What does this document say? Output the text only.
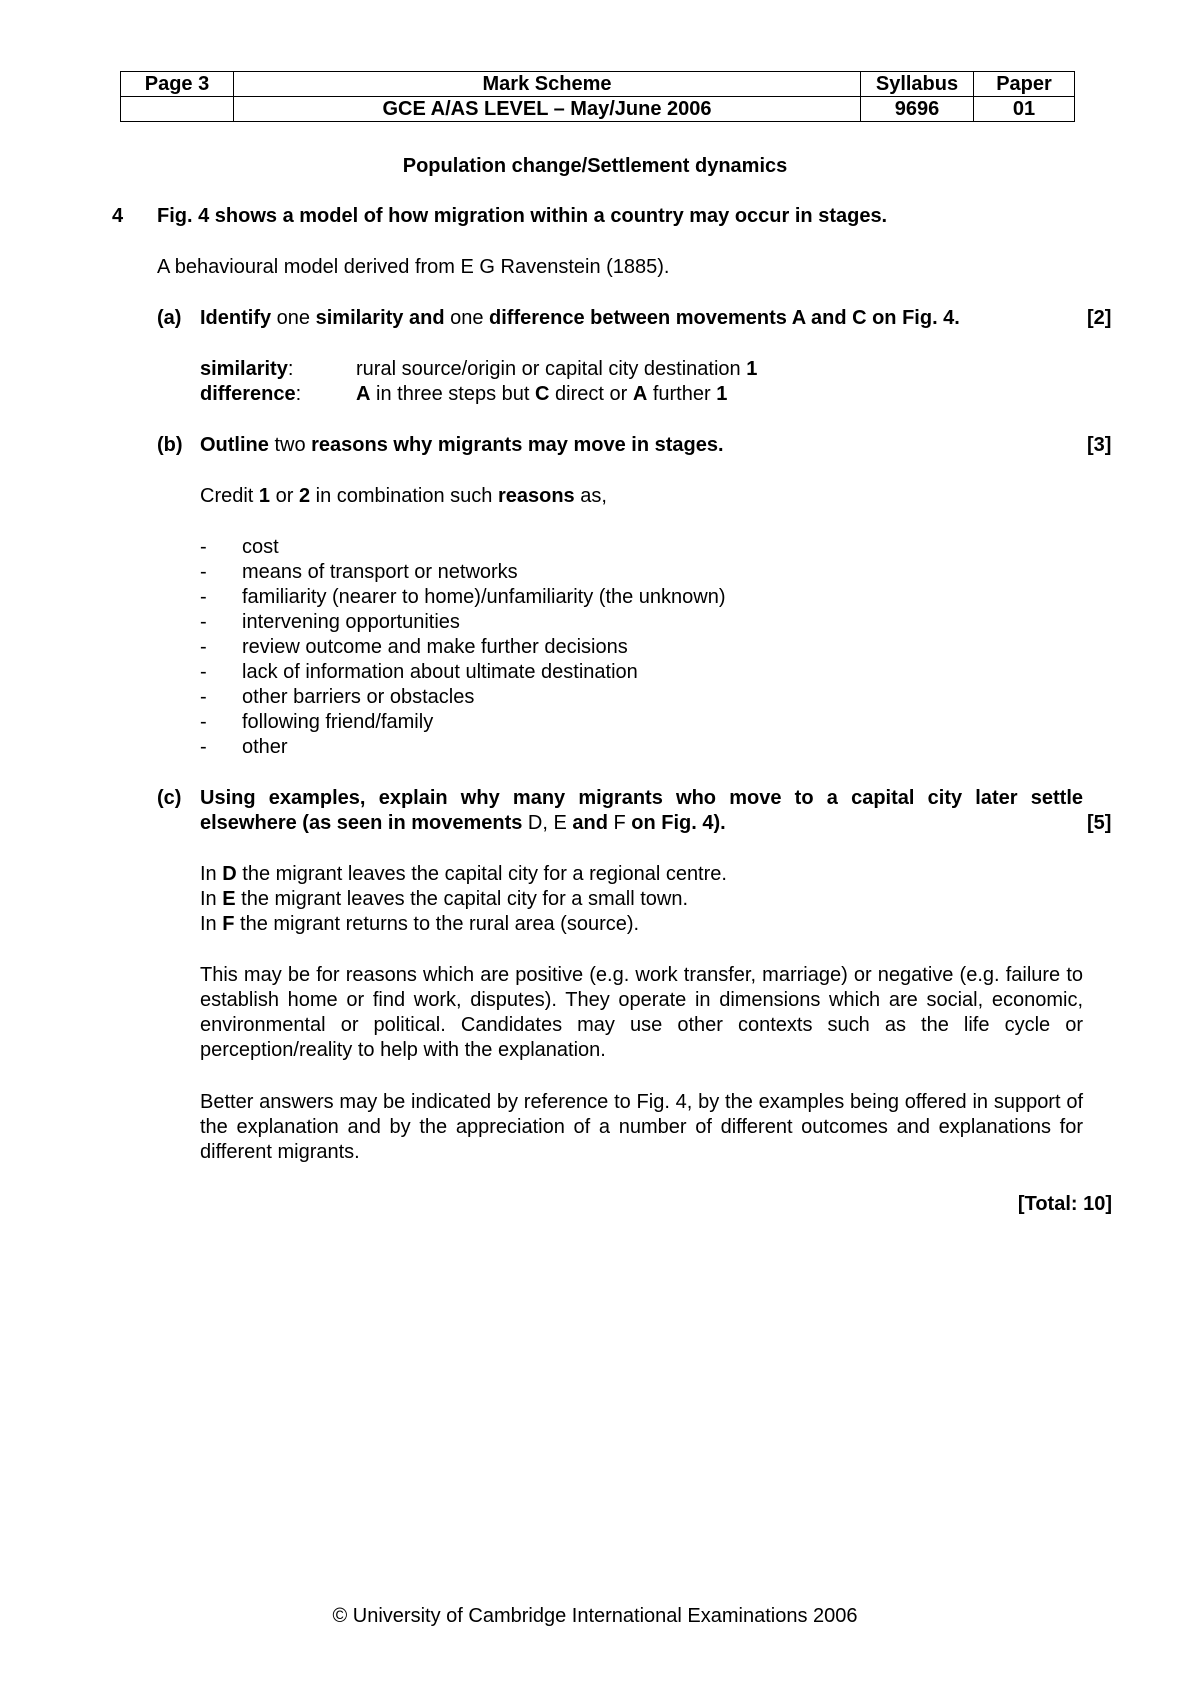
Page 3	Mark Scheme	Syllabus	Paper
	GCE A/AS LEVEL – May/June 2006	9696	01
Population change/Settlement dynamics
4 Fig. 4 shows a model of how migration within a country may occur in stages.
A behavioural model derived from E G Ravenstein (1885).
(a) Identify one similarity and one difference between movements A and C on Fig. 4.	[2]
similarity:	rural source/origin or capital city destination 1
difference:	A in three steps but C direct or A further 1
(b) Outline two reasons why migrants may move in stages.	[3]
Credit 1 or 2 in combination such reasons as,
- cost
- means of transport or networks
- familiarity (nearer to home)/unfamiliarity (the unknown)
- intervening opportunities
- review outcome and make further decisions
- lack of information about ultimate destination
- other barriers or obstacles
- following friend/family
- other
(c) Using examples, explain why many migrants who move to a capital city later settle
elsewhere (as seen in movements D, E and F on Fig. 4).	[5]
In D the migrant leaves the capital city for a regional centre.
In E the migrant leaves the capital city for a small town.
In F the migrant returns to the rural area (source).
This may be for reasons which are positive (e.g. work transfer, marriage) or negative (e.g. failure to establish home or find work, disputes). They operate in dimensions which are social, economic, environmental or political. Candidates may use other contexts such as the life cycle or perception/reality to help with the explanation.
Better answers may be indicated by reference to Fig. 4, by the examples being offered in support of the explanation and by the appreciation of a number of different outcomes and explanations for different migrants.
[Total: 10]
© University of Cambridge International Examinations 2006
